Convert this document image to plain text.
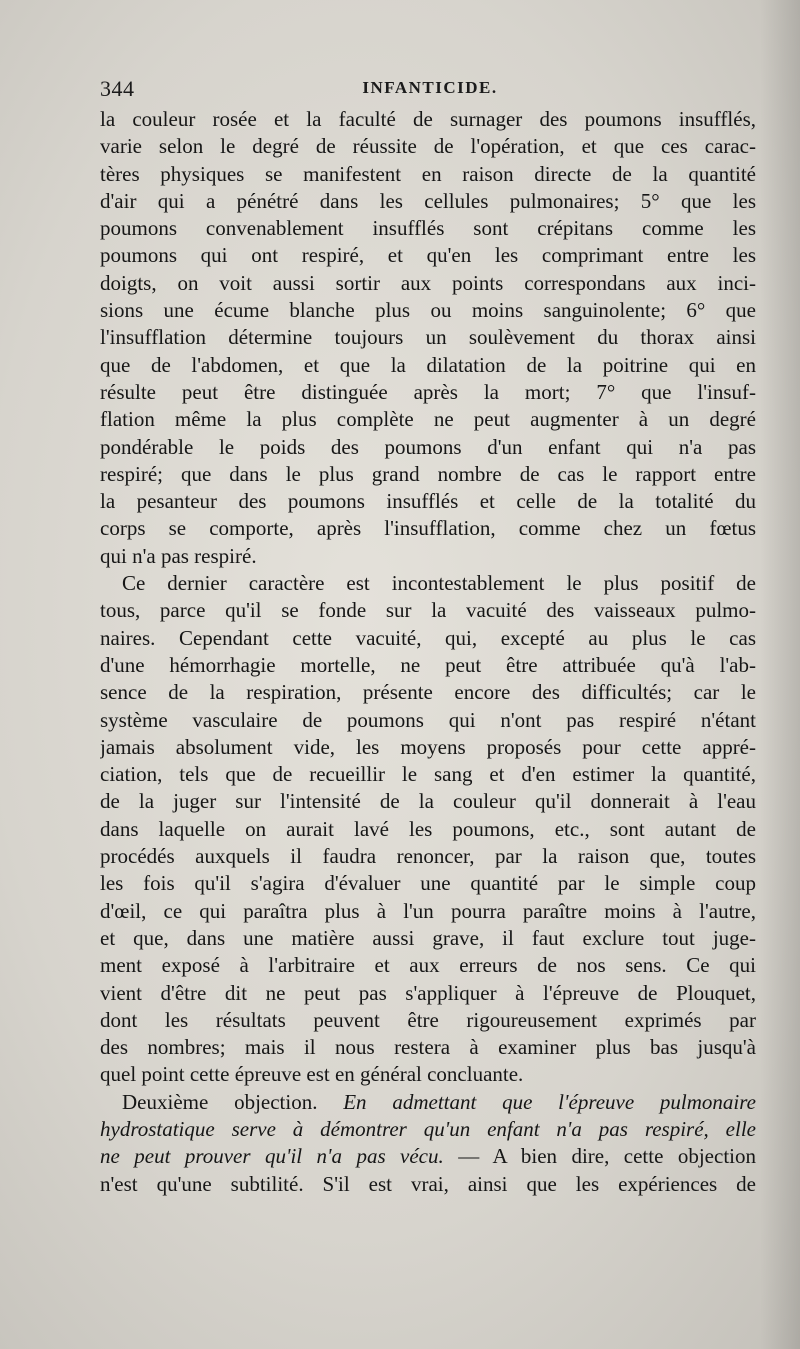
344	INFANTICIDE.
la couleur rosée et la faculté de surnager des poumons insufflés,
varie selon le degré de réussite de l'opération, et que ces carac-
tères physiques se manifestent en raison directe de la quantité
d'air qui a pénétré dans les cellules pulmonaires; 5° que les
poumons convenablement insufflés sont crépitans comme les
poumons qui ont respiré, et qu'en les comprimant entre les
doigts, on voit aussi sortir aux points correspondans aux inci-
sions une écume blanche plus ou moins sanguinolente; 6° que
l'insufflation détermine toujours un soulèvement du thorax ainsi
que de l'abdomen, et que la dilatation de la poitrine qui en
résulte peut être distinguée après la mort; 7° que l'insuf-
flation même la plus complète ne peut augmenter à un degré
pondérable le poids des poumons d'un enfant qui n'a pas
respiré; que dans le plus grand nombre de cas le rapport entre
la pesanteur des poumons insufflés et celle de la totalité du
corps se comporte, après l'insufflation, comme chez un fœtus
qui n'a pas respiré.
Ce dernier caractère est incontestablement le plus positif de
tous, parce qu'il se fonde sur la vacuité des vaisseaux pulmo-
naires. Cependant cette vacuité, qui, excepté au plus le cas
d'une hémorrhagie mortelle, ne peut être attribuée qu'à l'ab-
sence de la respiration, présente encore des difficultés; car le
système vasculaire de poumons qui n'ont pas respiré n'étant
jamais absolument vide, les moyens proposés pour cette appré-
ciation, tels que de recueillir le sang et d'en estimer la quantité,
de la juger sur l'intensité de la couleur qu'il donnerait à l'eau
dans laquelle on aurait lavé les poumons, etc., sont autant de
procédés auxquels il faudra renoncer, par la raison que, toutes
les fois qu'il s'agira d'évaluer une quantité par le simple coup
d'œil, ce qui paraîtra plus à l'un pourra paraître moins à l'autre,
et que, dans une matière aussi grave, il faut exclure tout juge-
ment exposé à l'arbitraire et aux erreurs de nos sens. Ce qui
vient d'être dit ne peut pas s'appliquer à l'épreuve de Plouquet,
dont les résultats peuvent être rigoureusement exprimés par
des nombres; mais il nous restera à examiner plus bas jusqu'à
quel point cette épreuve est en général concluante.
Deuxième objection. En admettant que l'épreuve pulmonaire
hydrostatique serve à démontrer qu'un enfant n'a pas respiré, elle
ne peut prouver qu'il n'a pas vécu. — A bien dire, cette objection
n'est qu'une subtilité. S'il est vrai, ainsi que les expériences de
